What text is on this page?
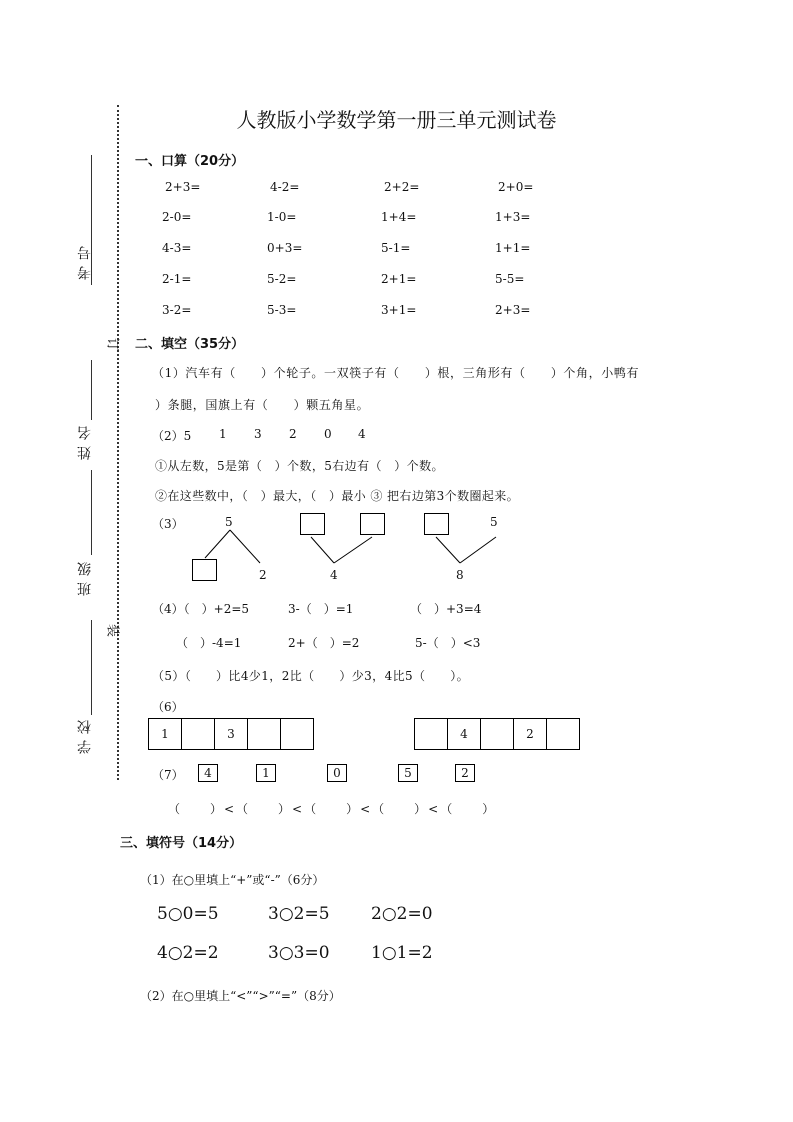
人教版小学数学第一册三单元测试卷
考号
姓名
班级
学校
订
装
一、口算（20分）
2+3=	4-2=	2+2=	2+0=
2-0=	1-0=	1+4=	1+3=
4-3=	0+3=	5-1=	1+1=
2-1=	5-2=	2+1=	5-5=
3-2=	5-3=	3+1=	2+3=
二、填空（35分）
（1）汽车有（　　）个轮子。一双筷子有（　　）根，三角形有（　　）个角，小鸭有
）条腿，国旗上有（　　）颗五角星。
（2）5 1 3 2 0 4
①从左数，5是第（　）个数，5右边有（　）个数。
②在这些数中，（　）最大，（　）最小 ③ 把右边第3个数圈起来。
（3）	5
2	4
5
8
（4）（　）+2=5	3-（　）=1	（　）+3=4
（　）-4=1	2+（　）=2	5-（　）<3
（5）（　　）比4少1，2比（　　）少3，4比5（　　）。
（6）
1	3	4	2
（7）	4	1	0	5	2
（　　）<（　　）<（　　）<（　　）<（　　）
三、填符号（14分）
（1）在○里填上“+”或“-”（6分）
5○0=5	3○2=5 2○2=0
4○2=2	3○3=0 1○1=2
（2）在○里填上“<”“>”“=”（8分）
